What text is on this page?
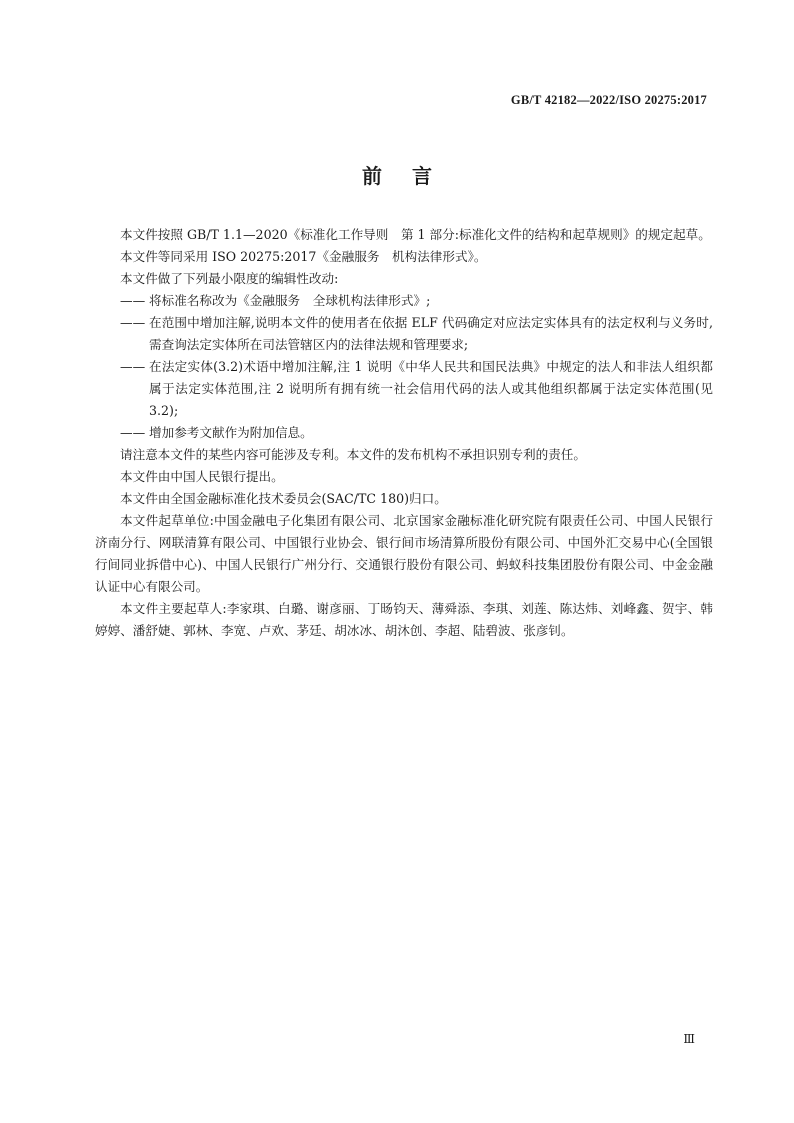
GB/T 42182—2022/ISO 20275:2017
前言

本文件按照 GB/T 1.1—2020《标准化工作导则　第 1 部分:标准化文件的结构和起草规则》的规定起草。

本文件等同采用 ISO 20275:2017《金融服务　机构法律形式》。

本文件做了下列最小限度的编辑性改动:

—— 将标准名称改为《金融服务　全球机构法律形式》;
—— 在范围中增加注解,说明本文件的使用者在依据 ELF 代码确定对应法定实体具有的法定权利与义务时,需查询法定实体所在司法管辖区内的法律法规和管理要求;
—— 在法定实体(3.2)术语中增加注解,注 1 说明《中华人民共和国民法典》中规定的法人和非法人组织都属于法定实体范围,注 2 说明所有拥有统一社会信用代码的法人或其他组织都属于法定实体范围(见 3.2);
—— 增加参考文献作为附加信息。

请注意本文件的某些内容可能涉及专利。本文件的发布机构不承担识别专利的责任。

本文件由中国人民银行提出。

本文件由全国金融标准化技术委员会(SAC/TC 180)归口。

本文件起草单位:中国金融电子化集团有限公司、北京国家金融标准化研究院有限责任公司、中国人民银行济南分行、网联清算有限公司、中国银行业协会、银行间市场清算所股份有限公司、中国外汇交易中心(全国银行间同业拆借中心)、中国人民银行广州分行、交通银行股份有限公司、蚂蚁科技集团股份有限公司、中金金融认证中心有限公司。

本文件主要起草人:李家琪、白璐、谢彦丽、丁旸钧天、薄舜添、李琪、刘莲、陈达炜、刘峰鑫、贺宇、韩婷婷、潘舒婕、郭林、李宽、卢欢、茅廷、胡冰冰、胡沐创、李超、陆碧波、张彦钊。

Ⅲ
